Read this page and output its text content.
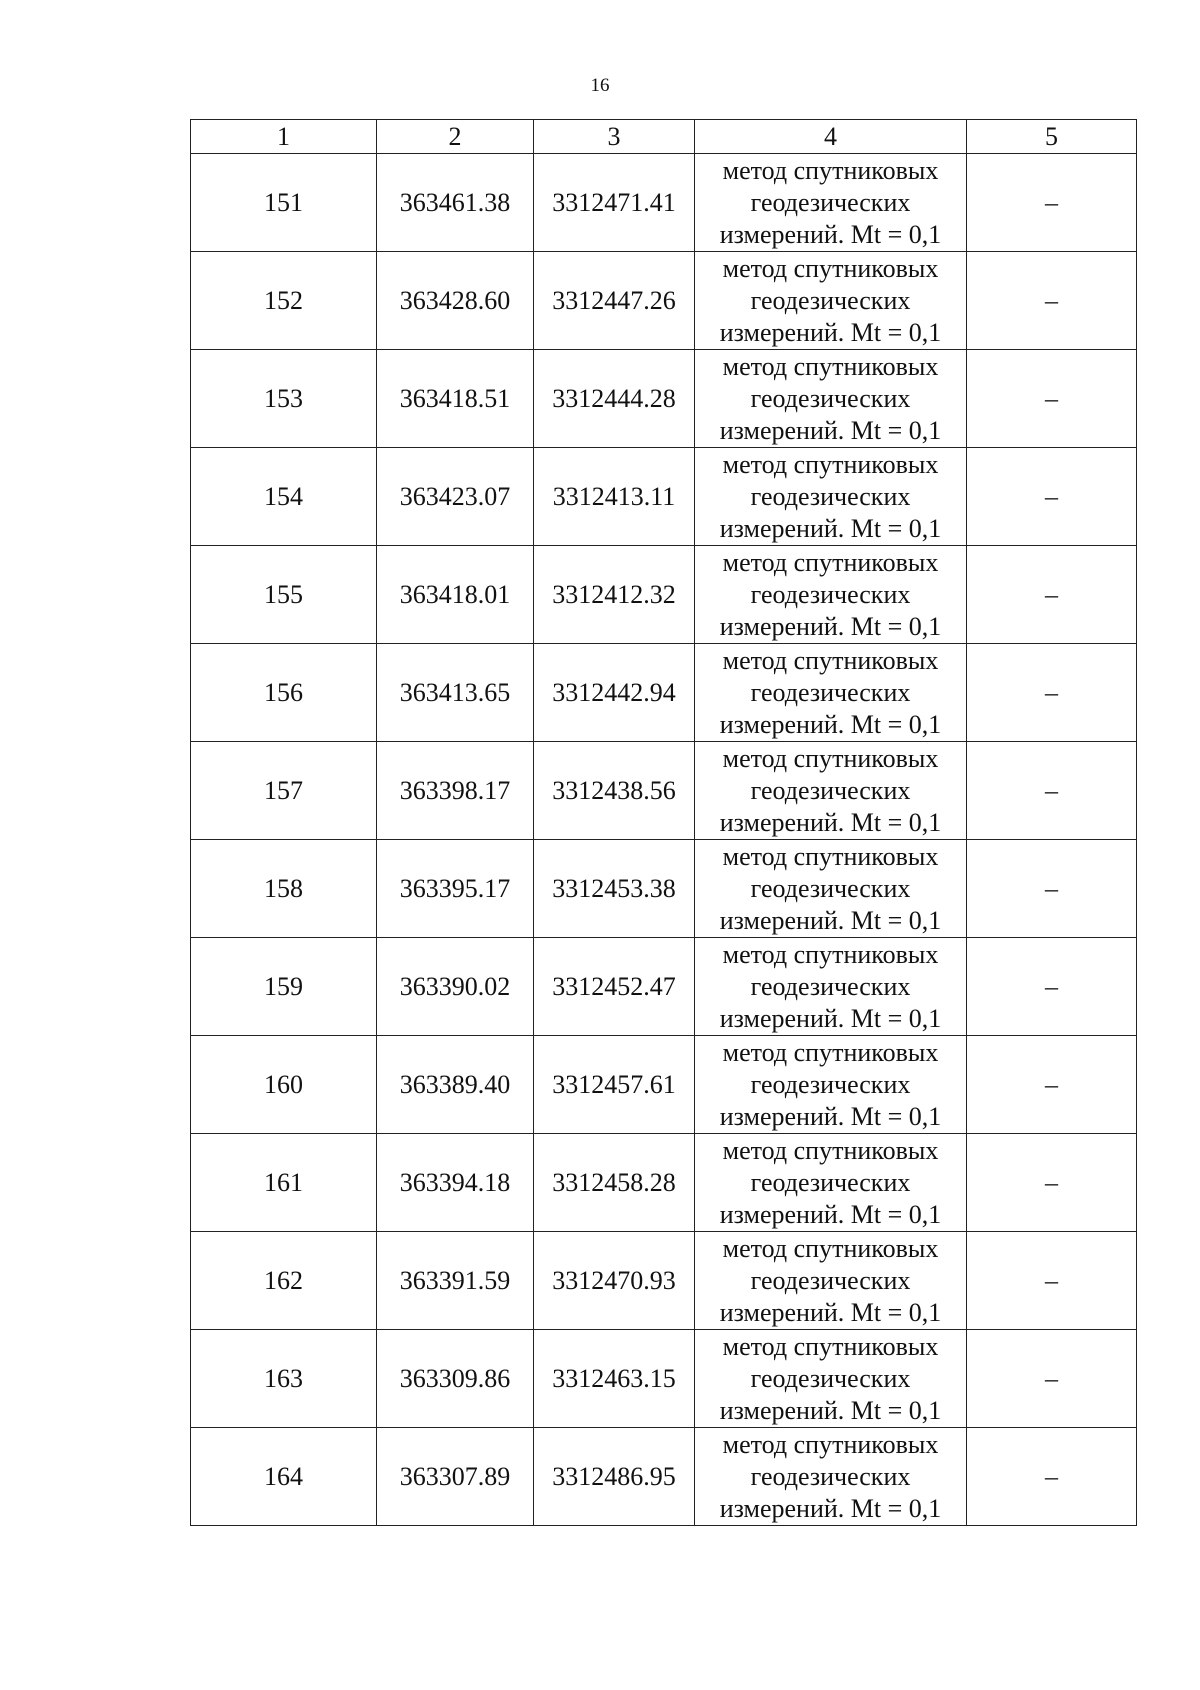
16
1	2	3	4	5
151	363461.38	3312471.41	метод спутниковых
геодезических
измерений. Mt = 0,1	–
152	363428.60	3312447.26	метод спутниковых
геодезических
измерений. Mt = 0,1	–
153	363418.51	3312444.28	метод спутниковых
геодезических
измерений. Mt = 0,1	–
154	363423.07	3312413.11	метод спутниковых
геодезических
измерений. Mt = 0,1	–
155	363418.01	3312412.32	метод спутниковых
геодезических
измерений. Mt = 0,1	–
156	363413.65	3312442.94	метод спутниковых
геодезических
измерений. Mt = 0,1	–
157	363398.17	3312438.56	метод спутниковых
геодезических
измерений. Mt = 0,1	–
158	363395.17	3312453.38	метод спутниковых
геодезических
измерений. Mt = 0,1	–
159	363390.02	3312452.47	метод спутниковых
геодезических
измерений. Mt = 0,1	–
160	363389.40	3312457.61	метод спутниковых
геодезических
измерений. Mt = 0,1	–
161	363394.18	3312458.28	метод спутниковых
геодезических
измерений. Mt = 0,1	–
162	363391.59	3312470.93	метод спутниковых
геодезических
измерений. Mt = 0,1	–
163	363309.86	3312463.15	метод спутниковых
геодезических
измерений. Mt = 0,1	–
164	363307.89	3312486.95	метод спутниковых
геодезических
измерений. Mt = 0,1	–
